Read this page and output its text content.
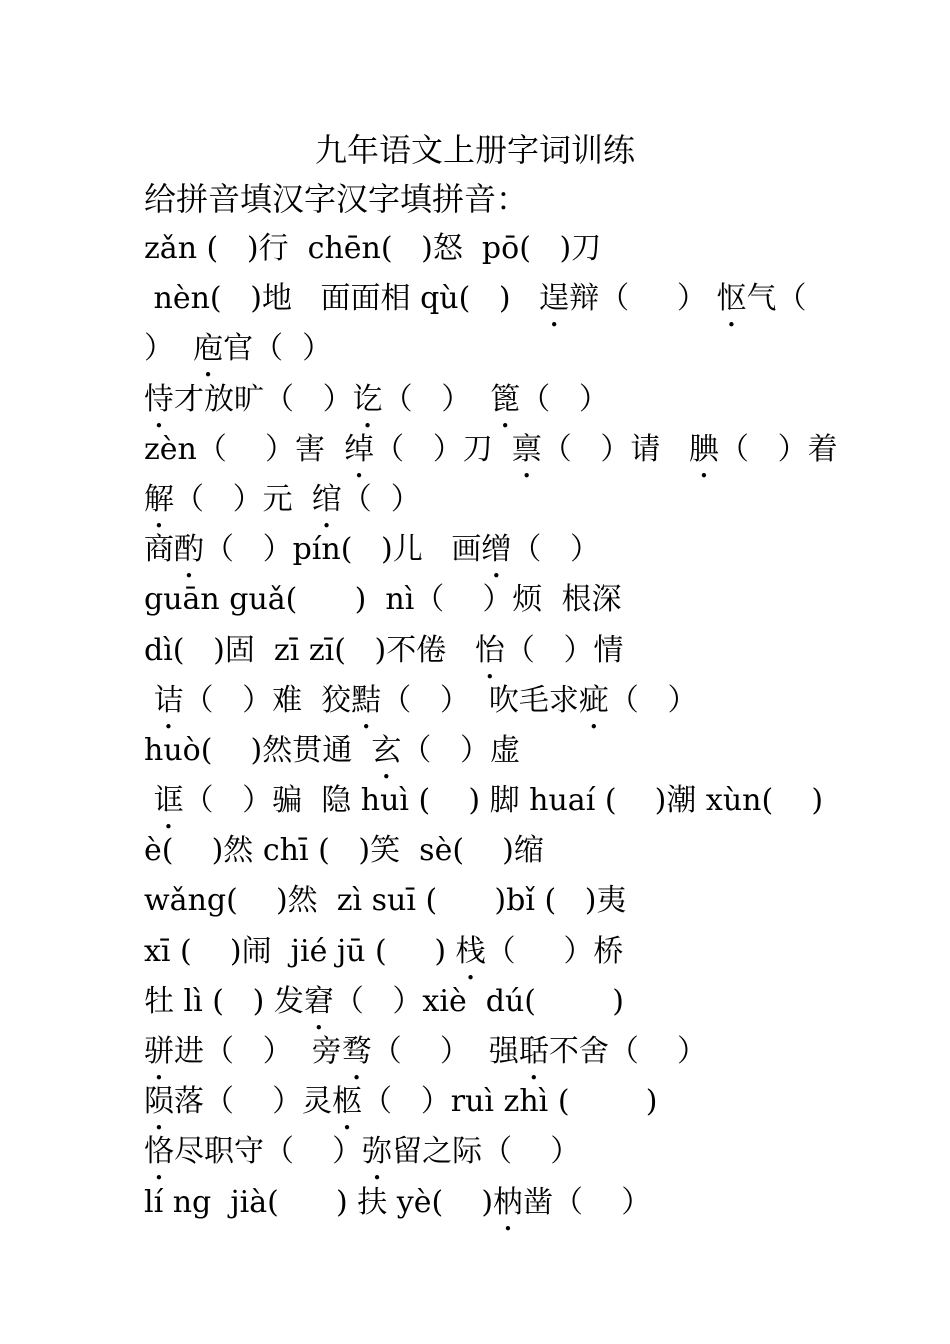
九年语文上册字词训练
给拼音填汉字汉字填拼音：
zǎn (   )行  chēn(   )怒  pō(   )刀
nèn(   )地   面面相 qù(   )   逞辩（     ） 怄气（
）  庖官（  ）
恃才放旷（   ）讫（   ）  篦（   ）
zèn（    ）害  绰（   ）刀  禀（   ）请   腆（   ）着
解（   ）元  绾（  ）
商酌（   ）pín(   )儿   画缯（   ）
guān guǎ(      )  nì（    ）烦  根深
dì(   )固  zī zī(   )不倦   怡（   ）情
诘（   ）难  狡黠（   ）  吹毛求疵（   ）
huò(    )然贯通  玄（   ）虚
诓（   ）骗  隐 huì (    ) 脚 huaí (    )潮 xùn(    )
è(    )然 chī (   )笑  sè(    )缩
wǎng(    )然  zì suī (      )bǐ (   )夷
xī (    )闹  jié jū (     ) 栈（     ）桥
牡 lì (   ) 发窘（   ）xiè  dú(        )
骈进（   ）  旁骛（    ）  强聒不舍（    ）
陨落（    ）灵柩（   ）ruì zhì (        )
恪尽职守（    ）弥留之际（    ）
lí ng  jià(      ) 扶 yè(    )枘凿（    ）
